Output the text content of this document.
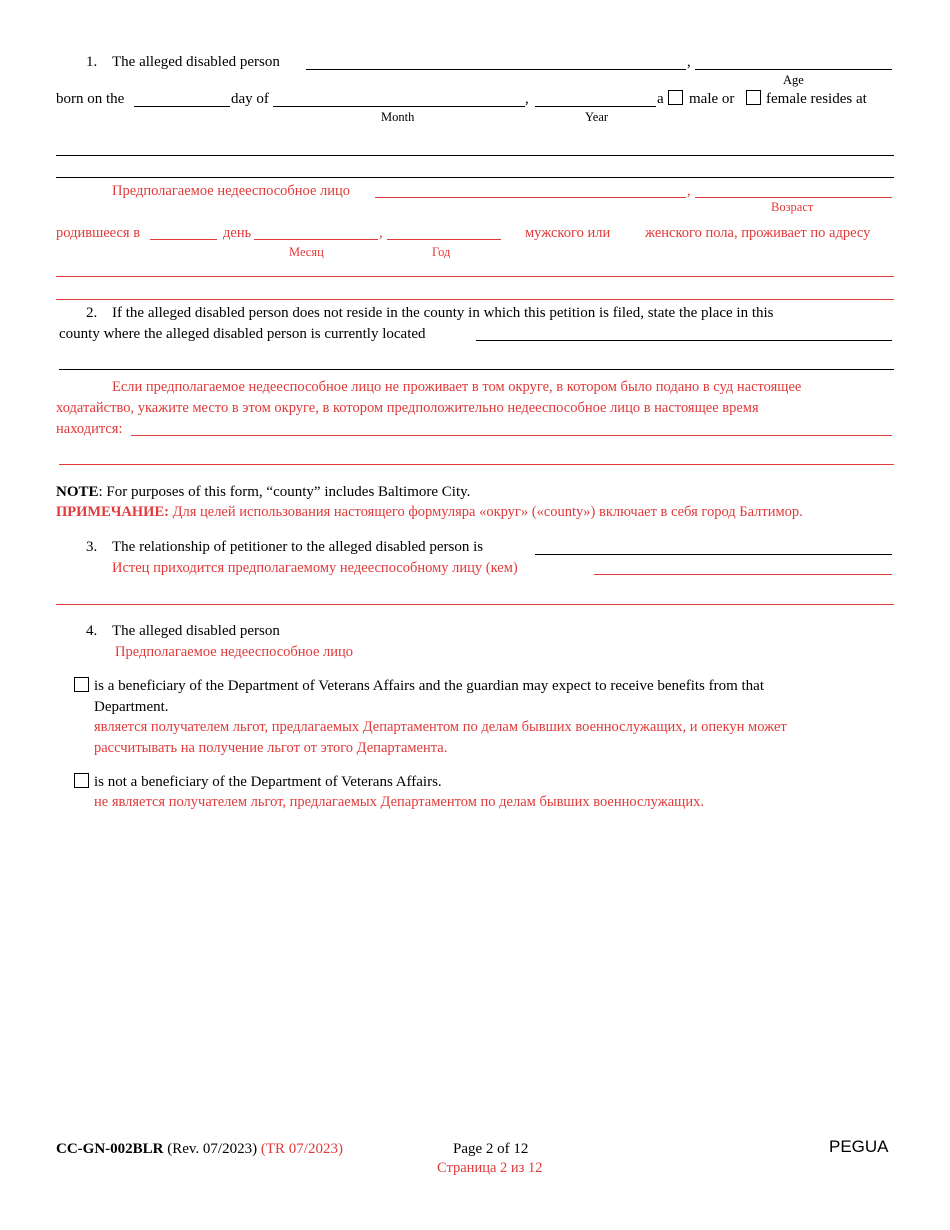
1. The alleged disabled person	,
Age
born on the	day of
Month
,
Year
a male or female resides at
Предполагаемое недееспособное лицо	,
Возраст
родившееся в	день
Месяц
,
Год
мужского или женского пола, проживает по адресу
2. If the alleged disabled person does not reside in the county in which this petition is filed, state the place in this
county where the alleged disabled person is currently located
Если предполагаемое недееспособное лицо не проживает в том округе, в котором было подано в суд настоящее
ходатайство, укажите место в этом округе, в котором предположительно недееспособное лицо в настоящее время
находится:
NOTE: For purposes of this form, “county” includes Baltimore City.
ПРИМЕЧАНИЕ: Для целей использования настоящего формуляра «округ» («county») включает в себя город Балтимор.
3. The relationship of petitioner to the alleged disabled person is
Истец приходится предполагаемому недееспособному лицу (кем)
4. The alleged disabled person
Предполагаемое недееспособное лицо
is a beneficiary of the Department of Veterans Affairs and the guardian may expect to receive benefits from that
Department.
является получателем льгот, предлагаемых Департаментом по делам бывших военнослужащих, и опекун может
рассчитывать на получение льгот от этого Департамента.
is not a beneficiary of the Department of Veterans Affairs.
не является получателем льгот, предлагаемых Департаментом по делам бывших военнослужащих.
CC-GN-002BLR (Rev. 07/2023) (TR 07/2023)	Page 2 of 12
Страница 2 из 12
PEGUA
